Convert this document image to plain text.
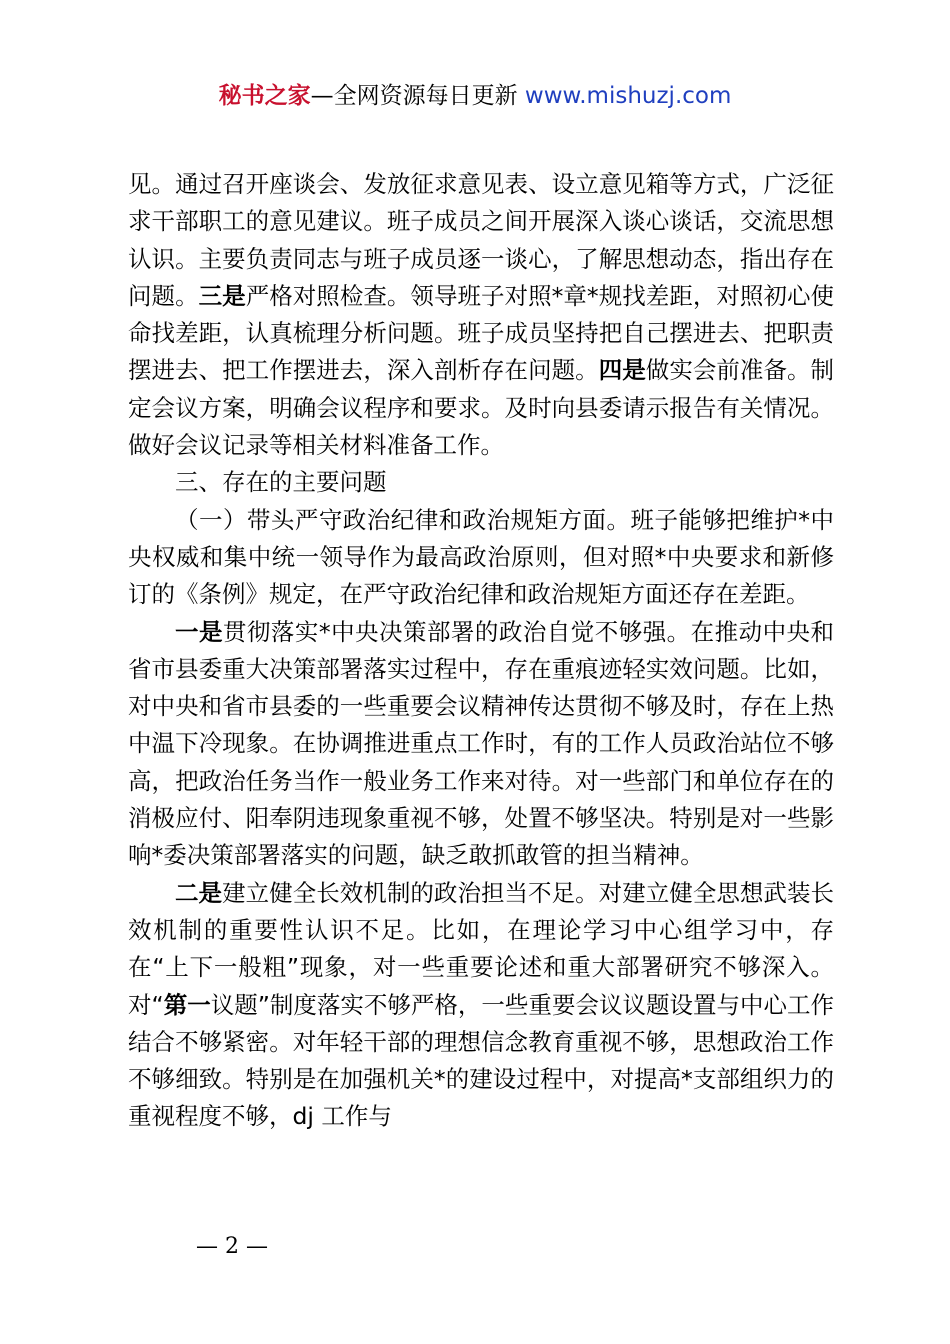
秘书之家—全网资源每日更新 www.mishuzj.com

见。通过召开座谈会、发放征求意见表、设立意见箱等方式，广泛征求干部职工的意见建议。班子成员之间开展深入谈心谈话，交流思想认识。主要负责同志与班子成员逐一谈心，了解思想动态，指出存在问题。三是严格对照检查。领导班子对照*章*规找差距，对照初心使命找差距，认真梳理分析问题。班子成员坚持把自己摆进去、把职责摆进去、把工作摆进去，深入剖析存在问题。四是做实会前准备。制定会议方案，明确会议程序和要求。及时向县委请示报告有关情况。做好会议记录等相关材料准备工作。

三、存在的主要问题

（一）带头严守政治纪律和政治规矩方面。班子能够把维护*中央权威和集中统一领导作为最高政治原则，但对照*中央要求和新修订的《条例》规定，在严守政治纪律和政治规矩方面还存在差距。

一是贯彻落实*中央决策部署的政治自觉不够强。在推动中央和省市县委重大决策部署落实过程中，存在重痕迹轻实效问题。比如，对中央和省市县委的一些重要会议精神传达贯彻不够及时，存在上热中温下冷现象。在协调推进重点工作时，有的工作人员政治站位不够高，把政治任务当作一般业务工作来对待。对一些部门和单位存在的消极应付、阳奉阴违现象重视不够，处置不够坚决。特别是对一些影响*委决策部署落实的问题，缺乏敢抓敢管的担当精神。

二是建立健全长效机制的政治担当不足。对建立健全思想武装长效机制的重要性认识不足。比如，在理论学习中心组学习中，存在“上下一般粗”现象，对一些重要论述和重大部署研究不够深入。对“第一议题”制度落实不够严格，一些重要会议议题设置与中心工作结合不够紧密。对年轻干部的理想信念教育重视不够，思想政治工作不够细致。特别是在加强机关*的建设过程中，对提高*支部组织力的重视程度不够，dj 工作与

— 2 —
